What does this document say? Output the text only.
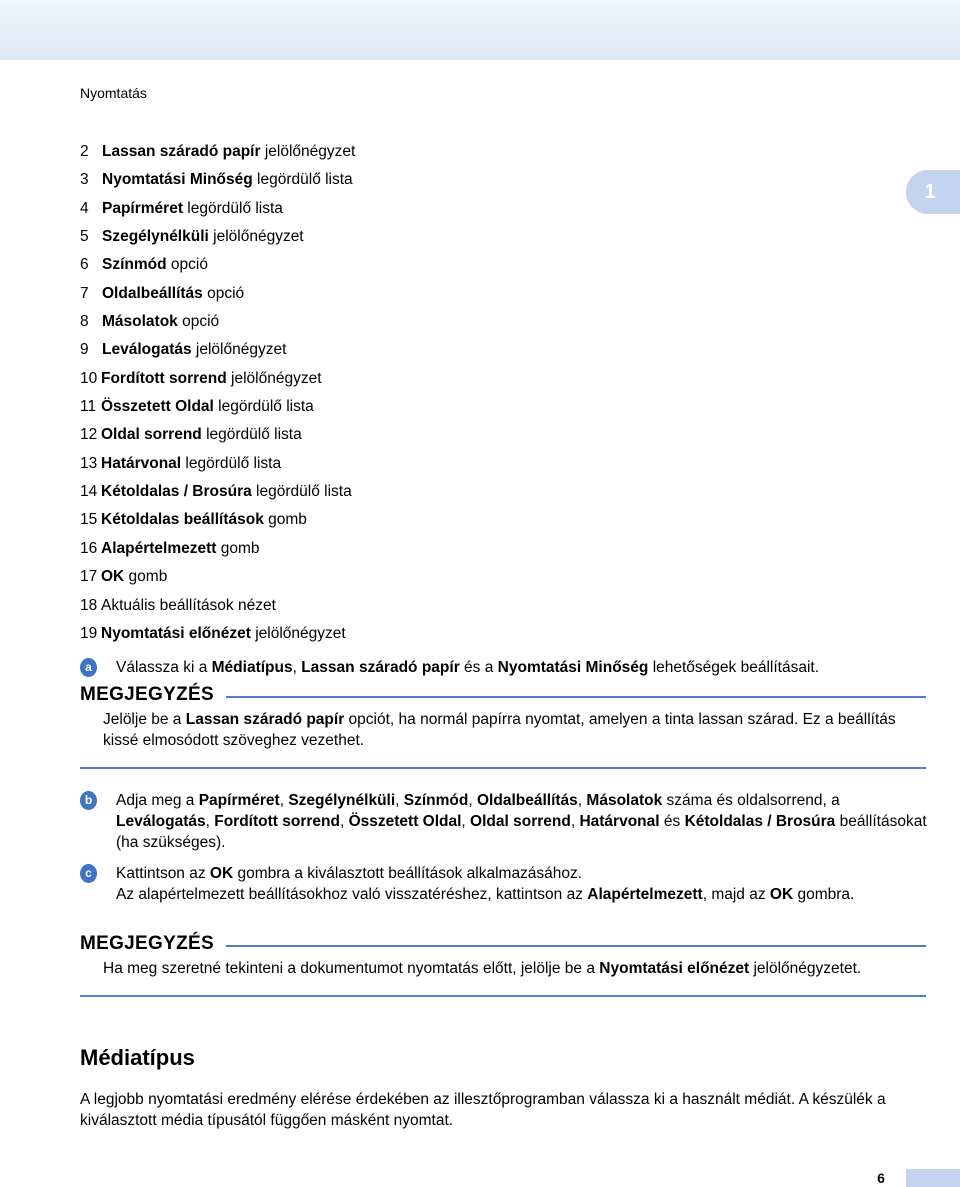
Nyomtatás
1
2 Lassan száradó papír jelölőnégyzet
3 Nyomtatási Minőség legördülő lista
4 Papírméret legördülő lista
5 Szegélynélküli jelölőnégyzet
6 Színmód opció
7 Oldalbeállítás opció
8 Másolatok opció
9 Leválogatás jelölőnégyzet
10 Fordított sorrend jelölőnégyzet
11 Összetett Oldal legördülő lista
12 Oldal sorrend legördülő lista
13 Határvonal legördülő lista
14 Kétoldalas / Brosúra legördülő lista
15 Kétoldalas beállítások gomb
16 Alapértelmezett gomb
17 OK gomb
18 Aktuális beállítások nézet
19 Nyomtatási előnézet jelölőnégyzet
a	Válassza ki a Médiatípus, Lassan száradó papír és a Nyomtatási Minőség lehetőségek beállításait.
MEGJEGYZÉS
Jelölje be a Lassan száradó papír opciót, ha normál papírra nyomtat, amelyen a tinta lassan szárad. Ez a beállítás kissé elmosódott szöveghez vezethet.
b	Adja meg a Papírméret, Szegélynélküli, Színmód, Oldalbeállítás, Másolatok száma és oldalsorrend, a Leválogatás, Fordított sorrend, Összetett Oldal, Oldal sorrend, Határvonal és Kétoldalas / Brosúra beállításokat (ha szükséges).
c	Kattintson az OK gombra a kiválasztott beállítások alkalmazásához.
Az alapértelmezett beállításokhoz való visszatéréshez, kattintson az Alapértelmezett, majd az OK gombra.
MEGJEGYZÉS
Ha meg szeretné tekinteni a dokumentumot nyomtatás előtt, jelölje be a Nyomtatási előnézet jelölőnégyzetet.
Médiatípus
A legjobb nyomtatási eredmény elérése érdekében az illesztőprogramban válassza ki a használt médiát. A készülék a kiválasztott média típusától függően másként nyomtat.
6
